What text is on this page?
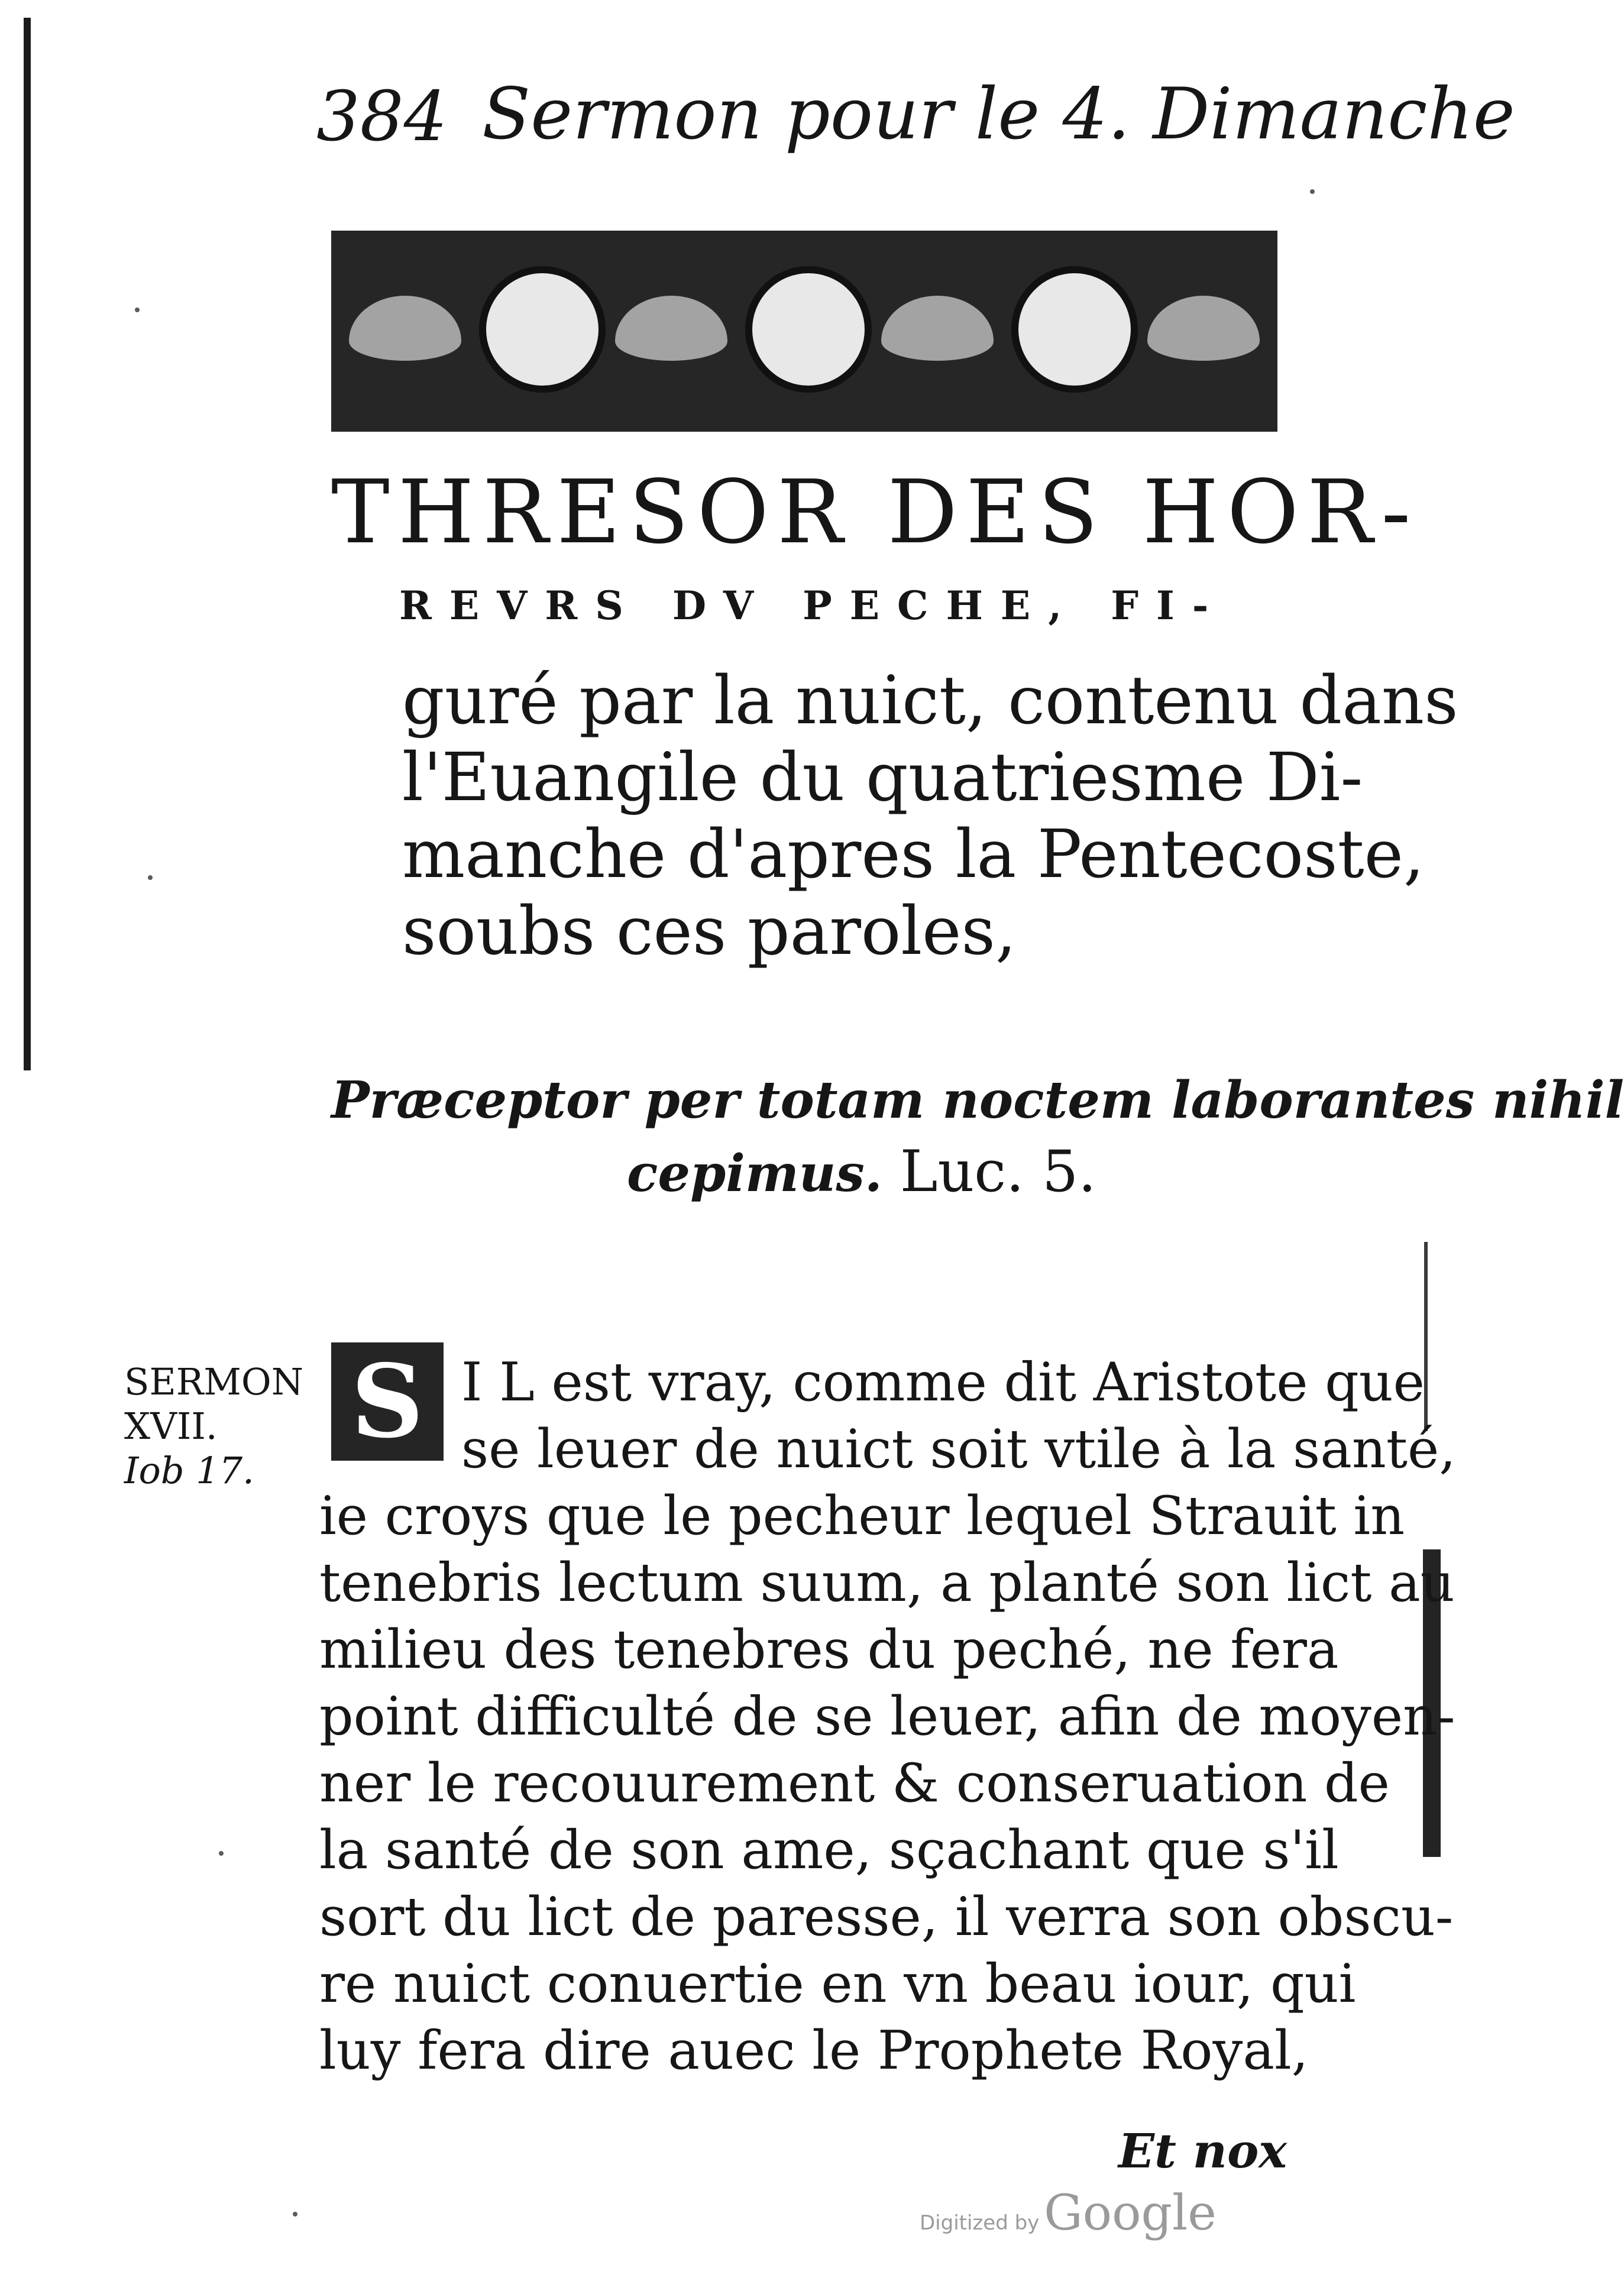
384 Sermon pour le 4. Dimanche
THRESOR DES HOR-
REVRS DV PECHE, FI-
guré par la nuict, contenu dans
l'Euangile du quatriesme Di-
manche d'apres la Pentecoste,
soubs ces paroles,
Præceptor per totam noctem laborantes nihil
cepimus. Luc. 5.
SERMON
XVII.
Iob 17.
S I L est vray, comme dit Aristote que
se leuer de nuict soit vtile à la santé,
ie croys que le pecheur lequel Strauit in
tenebris lectum suum, a planté son lict au
milieu des tenebres du peché, ne fera
point difficulté de se leuer, afin de moyen-
ner le recouurement & conseruation de
la santé de son ame, sçachant que s'il
sort du lict de paresse, il verra son obscu-
re nuict conuertie en vn beau iour, qui
luy fera dire auec le Prophete Royal,
Et nox
Digitized byGoogle
